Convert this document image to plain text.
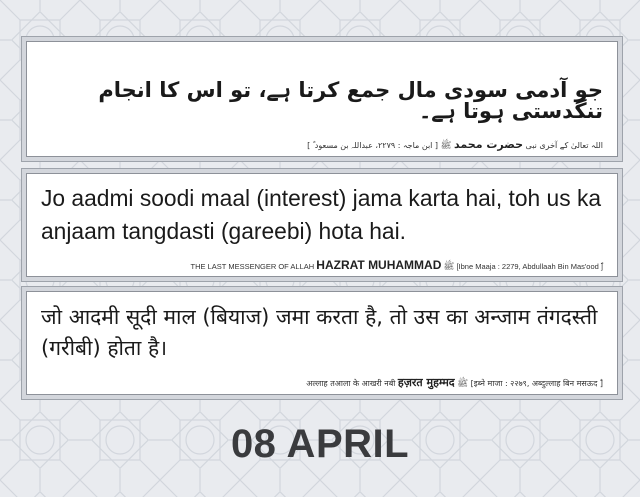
جو آدمی سودی مال جمع کرتا ہے، تو اس کا انجام تنگدستی ہوتا ہے۔
اللہ تعالیٰ کے آخری نبی حضرت محمد ﷺ [ ابن ماجہ : ۲۲۷۹، عبداللہ بن مسعود ؓ ]
Jo aadmi soodi maal (interest) jama karta hai, toh us ka anjaam tangdasti (gareebi) hota hai.
THE LAST MESSENGER OF ALLAH HAZRAT MUHAMMAD ﷺ [Ibne Maaja : 2279, Abdullaah Bin Mas'ood ؓ]
जो आदमी सूदी माल (बियाज) जमा करता है, तो उस का अन्जाम तंगदस्ती (गरीबी) होता है।
अल्लाह तआला के आखरी नबी हज़रत मुहम्मद ﷺ [इब्ने माजा : २२७९, अब्दुल्लाह बिन मसऊद ؓ]
08 APRIL
